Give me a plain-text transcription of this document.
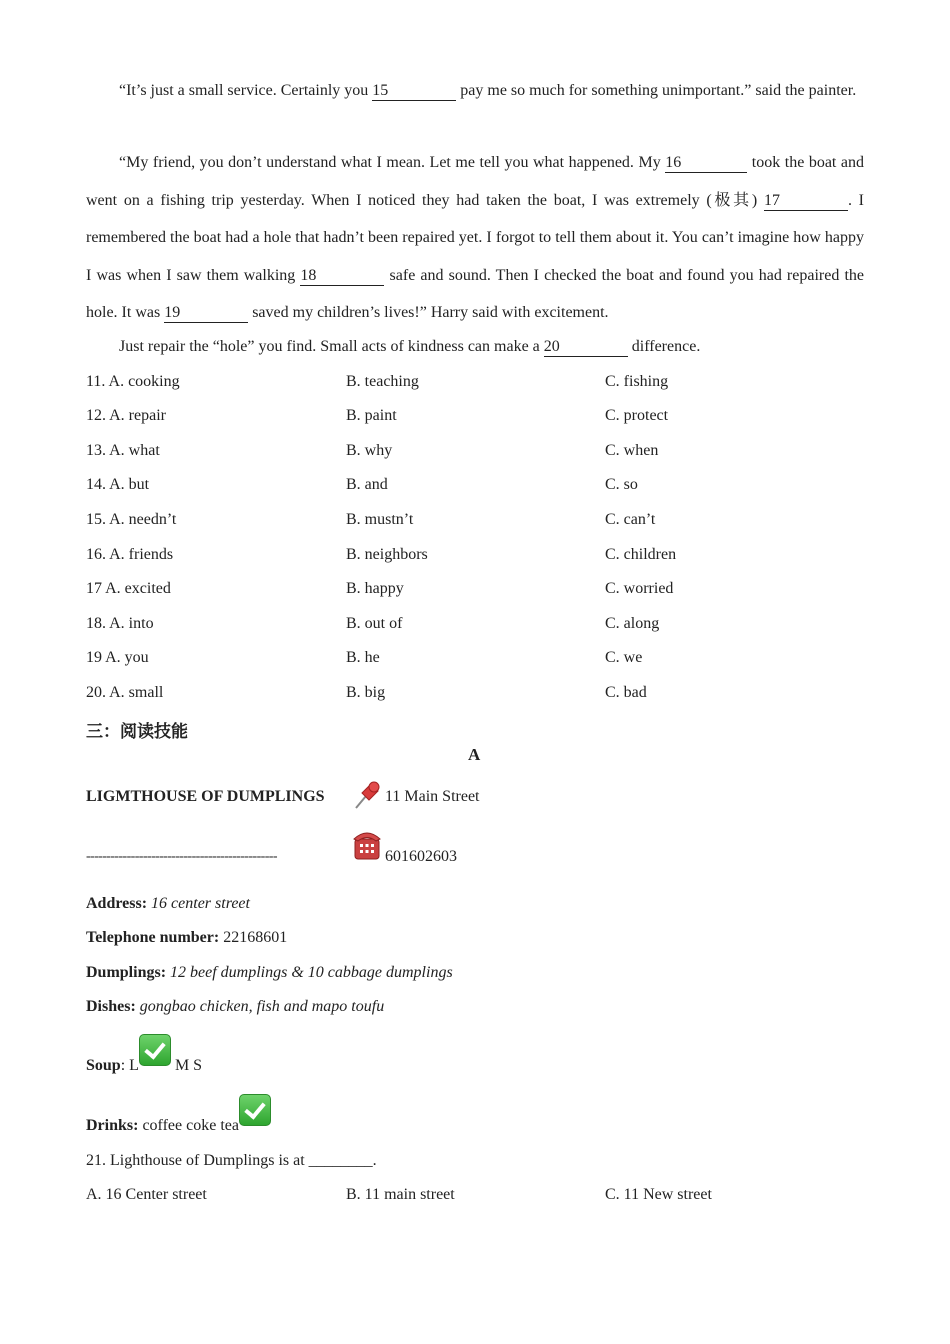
“It’s just a small service. Certainly you 15	pay me so much for something unimportant.” said the painter.

“My friend, you don’t understand what I mean. Let me tell you what happened. My 16	took the boat and went on a fishing trip yesterday. When I noticed they had taken the boat, I was extremely (极其) 17	. I remembered the boat had a hole that hadn’t been repaired yet. I forgot to tell them about it. You can’t imagine how happy I was when I saw them walking 18	safe and sound. Then I checked the boat and found you had repaired the hole. It was 19	saved my children’s lives!” Harry said with excitement.

Just repair the “hole” you find. Small acts of kindness can make a 20	difference.

11. A. cooking	B. teaching	C. fishing
12. A. repair	B. paint	C. protect
13. A. what	B. why	C. when
14. A. but	B. and	C. so
15. A. needn’t	B. mustn’t	C. can’t
16. A. friends	B. neighbors	C. children
17 A. excited	B. happy	C. worried
18. A. into	B. out of	C. along
19 A. you	B. he	C. we
20. A. small	B. big	C. bad
三：阅读技能
A
LIGMTHOUSE OF DUMPLINGS	11 Main Street
-----------------------------------------------	601602603
Address: 16 center street
Telephone number: 22168601
Dumplings: 12 beef dumplings & 10 cabbage dumplings
Dishes: gongbao chicken, fish and mapo toufu
Soup: L M S
Drinks: coffee coke tea
21. Lighthouse of Dumplings is at ________.
A. 16 Center street	B. 11 main street	C. 11 New street
